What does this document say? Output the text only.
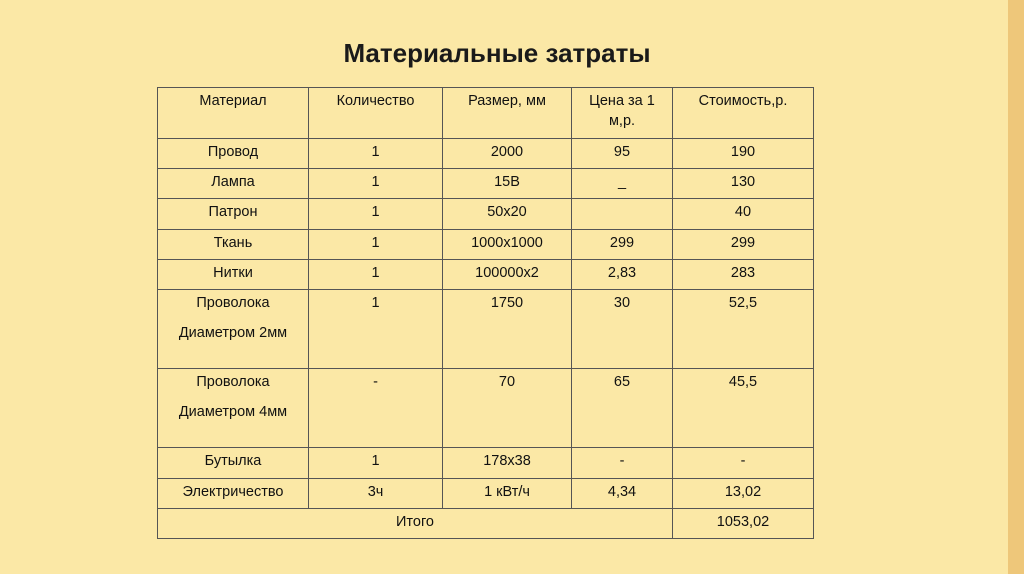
Материальные затраты
Материал	Количество	Размер, мм	Цена за 1 м,р.	Стоимость,р.
Провод	1	2000	95	190
Лампа	1	15В	_	130
Патрон	1	50x20		40
Ткань	1	1000x1000	299	299
Нитки	1	100000x2	2,83	283
Проволока
Диаметром 2мм	1	1750	30	52,5
Проволока
Диаметром 4мм	-	70	65	45,5
Бутылка	1	178x38	-	-
Электричество	3ч	1 кВт/ч	4,34	13,02
Итого				1053,02
